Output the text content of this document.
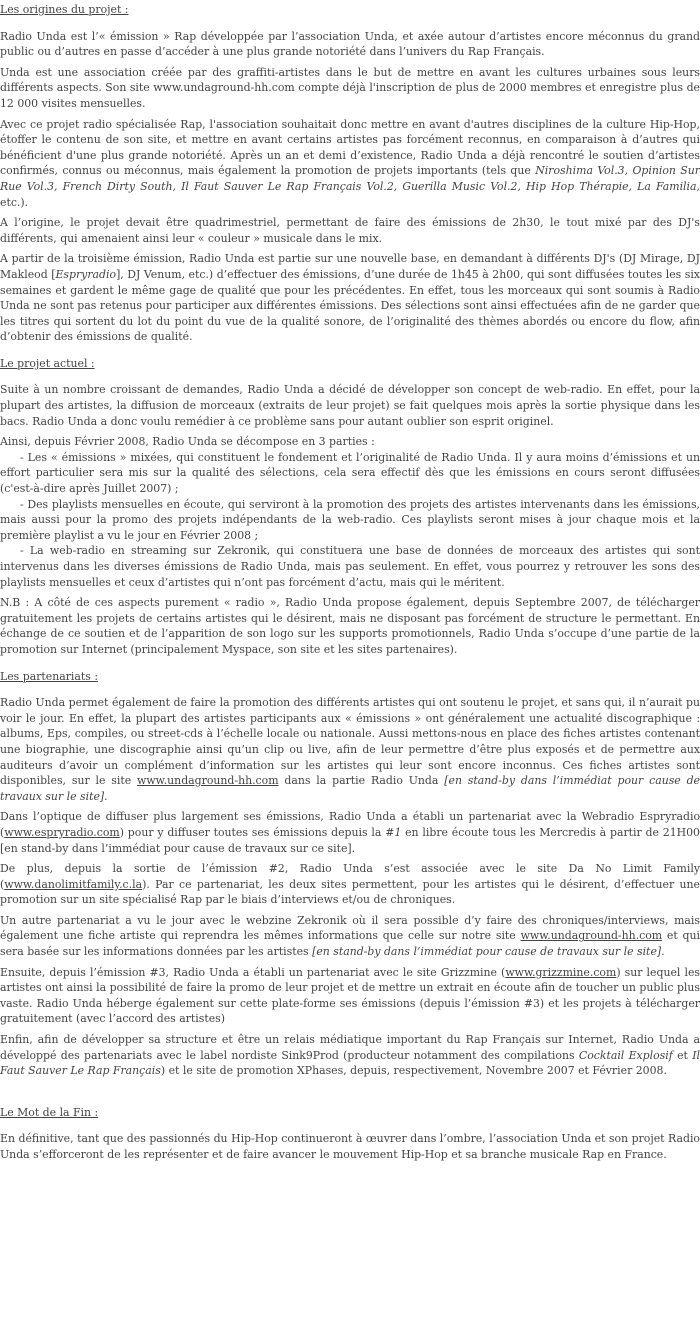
Les origines du projet :

Radio Unda est l’« émission » Rap développée par l’association Unda, et axée autour d’artistes encore méconnus du grand public ou d’autres en passe d’accéder à une plus grande notoriété dans l’univers du Rap Français.

Unda est une association créée par des graffiti-artistes dans le but de mettre en avant les cultures urbaines sous leurs différents aspects. Son site www.undaground-hh.com compte déjà l'inscription de plus de 2000 membres et enregistre plus de 12 000 visites mensuelles.

Avec ce projet radio spécialisée Rap, l'association souhaitait donc mettre en avant d'autres disciplines de la culture Hip-Hop, étoffer le contenu de son site, et mettre en avant certains artistes pas forcément reconnus, en comparaison à d’autres qui bénéficient d'une plus grande notoriété. Après un an et demi d’existence, Radio Unda a déjà rencontré le soutien d’artistes confirmés, connus ou méconnus, mais également la promotion de projets importants (tels que Niroshima Vol.3, Opinion Sur Rue Vol.3, French Dirty South, Il Faut Sauver Le Rap Français Vol.2, Guerilla Music Vol.2, Hip Hop Thérapie, La Familia, etc.).

A l’origine, le projet devait être quadrimestriel, permettant de faire des émissions de 2h30, le tout mixé par des DJ's différents, qui amenaient ainsi leur « couleur » musicale dans le mix.

A partir de la troisième émission, Radio Unda est partie sur une nouvelle base, en demandant à différents DJ's (DJ Mirage, DJ Makleod [Espryradio], DJ Venum, etc.) d’effectuer des émissions, d’une durée de 1h45 à 2h00, qui sont diffusées toutes les six semaines et gardent le même gage de qualité que pour les précédentes. En effet, tous les morceaux qui sont soumis à Radio Unda ne sont pas retenus pour participer aux différentes émissions. Des sélections sont ainsi effectuées afin de ne garder que les titres qui sortent du lot du point du vue de la qualité sonore, de l’originalité des thèmes abordés ou encore du flow, afin d’obtenir des émissions de qualité.

Le projet actuel :

Suite à un nombre croissant de demandes, Radio Unda a décidé de développer son concept de web-radio. En effet, pour la plupart des artistes, la diffusion de morceaux (extraits de leur projet) se fait quelques mois après la sortie physique dans les bacs. Radio Unda a donc voulu remédier à ce problème sans pour autant oublier son esprit originel.

Ainsi, depuis Février 2008, Radio Unda se décompose en 3 parties :
- Les « émissions » mixées, qui constituent le fondement et l’originalité de Radio Unda. Il y aura moins d’émissions et un effort particulier sera mis sur la qualité des sélections, cela sera effectif dès que les émissions en cours seront diffusées (c'est-à-dire après Juillet 2007) ;
- Des playlists mensuelles en écoute, qui serviront à la promotion des projets des artistes intervenants dans les émissions, mais aussi pour la promo des projets indépendants de la web-radio. Ces playlists seront mises à jour chaque mois et la première playlist a vu le jour en Février 2008 ;
- La web-radio en streaming sur Zekronik, qui constituera une base de données de morceaux des artistes qui sont intervenus dans les diverses émissions de Radio Unda, mais pas seulement. En effet, vous pourrez y retrouver les sons des playlists mensuelles et ceux d’artistes qui n’ont pas forcément d’actu, mais qui le méritent.

N.B : A côté de ces aspects purement « radio », Radio Unda propose également, depuis Septembre 2007, de télécharger gratuitement les projets de certains artistes qui le désirent, mais ne disposant pas forcément de structure le permettant. En échange de ce soutien et de l’apparition de son logo sur les supports promotionnels, Radio Unda s’occupe d’une partie de la promotion sur Internet (principalement Myspace, son site et les sites partenaires).

Les partenariats :

Radio Unda permet également de faire la promotion des différents artistes qui ont soutenu le projet, et sans qui, il n’aurait pu voir le jour. En effet, la plupart des artistes participants aux « émissions » ont généralement une actualité discographique : albums, Eps, compiles, ou street-cds à l’échelle locale ou nationale. Aussi mettons-nous en place des fiches artistes contenant une biographie, une discographie ainsi qu’un clip ou live, afin de leur permettre d’être plus exposés et de permettre aux auditeurs d’avoir un complément d’information sur les artistes qui leur sont encore inconnus. Ces fiches artistes sont disponibles, sur le site www.undaground-hh.com dans la partie Radio Unda [en stand-by dans l’immédiat pour cause de travaux sur le site].

Dans l’optique de diffuser plus largement ses émissions, Radio Unda a établi un partenariat avec la Webradio Espryradio (www.espryradio.com) pour y diffuser toutes ses émissions depuis la #1 en libre écoute tous les Mercredis à partir de 21H00 [en stand-by dans l’immédiat pour cause de travaux sur ce site].

De plus, depuis la sortie de l’émission #2, Radio Unda s’est associée avec le site Da No Limit Family (www.danolimitfamily.c.la). Par ce partenariat, les deux sites permettent, pour les artistes qui le désirent, d’effectuer une promotion sur un site spécialisé Rap par le biais d’interviews et/ou de chroniques.

Un autre partenariat a vu le jour avec le webzine Zekronik où il sera possible d’y faire des chroniques/interviews, mais également une fiche artiste qui reprendra les mêmes informations que celle sur notre site www.undaground-hh.com et qui sera basée sur les informations données par les artistes [en stand-by dans l’immédiat pour cause de travaux sur le site].

Ensuite, depuis l’émission #3, Radio Unda a établi un partenariat avec le site Grizzmine (www.grizzmine.com) sur lequel les artistes ont ainsi la possibilité de faire la promo de leur projet et de mettre un extrait en écoute afin de toucher un public plus vaste. Radio Unda héberge également sur cette plate-forme ses émissions (depuis l’émission #3) et les projets à télécharger gratuitement (avec l’accord des artistes)

Enfin, afin de développer sa structure et être un relais médiatique important du Rap Français sur Internet, Radio Unda a développé des partenariats avec le label nordiste Sink9Prod (producteur notamment des compilations Cocktail Explosif et Il Faut Sauver Le Rap Français) et le site de promotion XPhases, depuis, respectivement, Novembre 2007 et Février 2008.

Le Mot de la Fin :

En définitive, tant que des passionnés du Hip-Hop continueront à œuvrer dans l’ombre, l’association Unda et son projet Radio Unda s’efforceront de les représenter et de faire avancer le mouvement Hip-Hop et sa branche musicale Rap en France.
